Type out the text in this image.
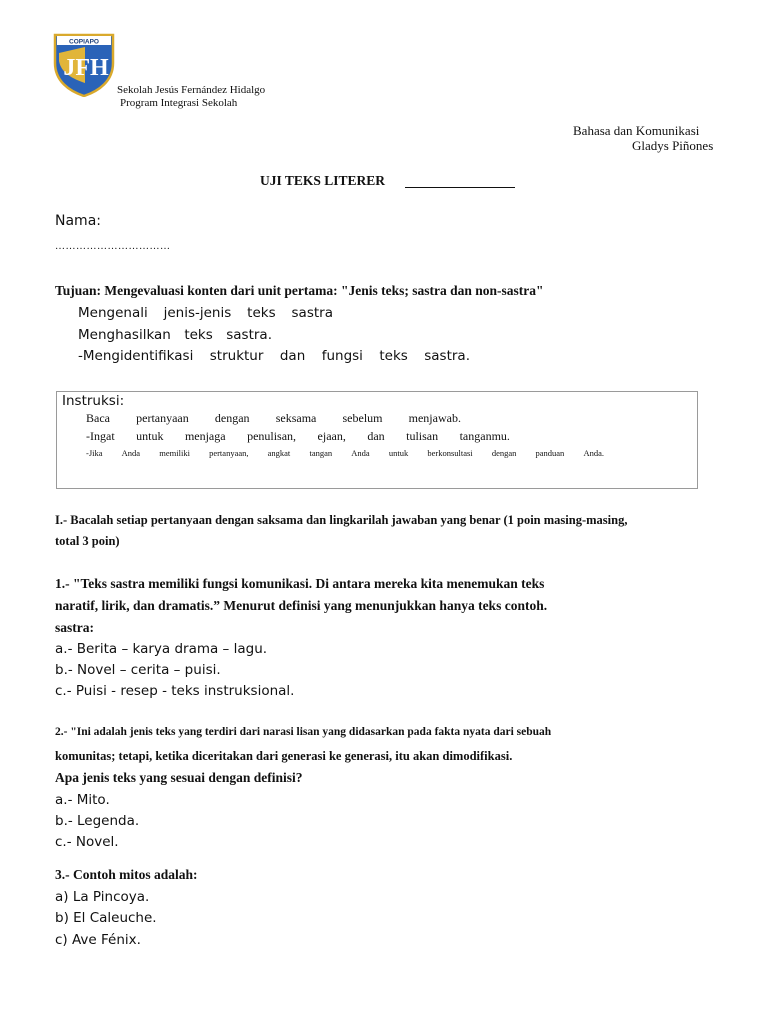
COPIAPO
JFH
Sekolah Jesús Fernández Hidalgo
Program Integrasi Sekolah
Bahasa dan Komunikasi
Gladys Piñones
UJI TEKS LITERER
Nama:
……………………………
Tujuan: Mengevaluasi konten dari unit pertama: "Jenis teks; sastra dan non-sastra"
Mengenali jenis-jenis teks sastra
Menghasilkan teks sastra.
-Mengidentifikasi struktur dan fungsi teks sastra.
Instruksi:
Baca pertanyaan dengan seksama sebelum menjawab.
-Ingat untuk menjaga penulisan, ejaan, dan tulisan tanganmu.
-Jika Anda memiliki pertanyaan, angkat tangan Anda untuk berkonsultasi dengan panduan Anda.
I.- Bacalah setiap pertanyaan dengan saksama dan lingkarilah jawaban yang benar (1 poin masing-masing,
total 3 poin)
1.- "Teks sastra memiliki fungsi komunikasi. Di antara mereka kita menemukan teks
naratif, lirik, dan dramatis.” Menurut definisi yang menunjukkan hanya teks contoh.
sastra:
a.- Berita – karya drama – lagu.
b.- Novel – cerita – puisi.
c.- Puisi - resep - teks instruksional.
2.- "Ini adalah jenis teks yang terdiri dari narasi lisan yang didasarkan pada fakta nyata dari sebuah
komunitas; tetapi, ketika diceritakan dari generasi ke generasi, itu akan dimodifikasi.
Apa jenis teks yang sesuai dengan definisi?
a.- Mito.
b.- Legenda.
c.- Novel.
3.- Contoh mitos adalah:
a) La Pincoya.
b) El Caleuche.
c) Ave Fénix.
